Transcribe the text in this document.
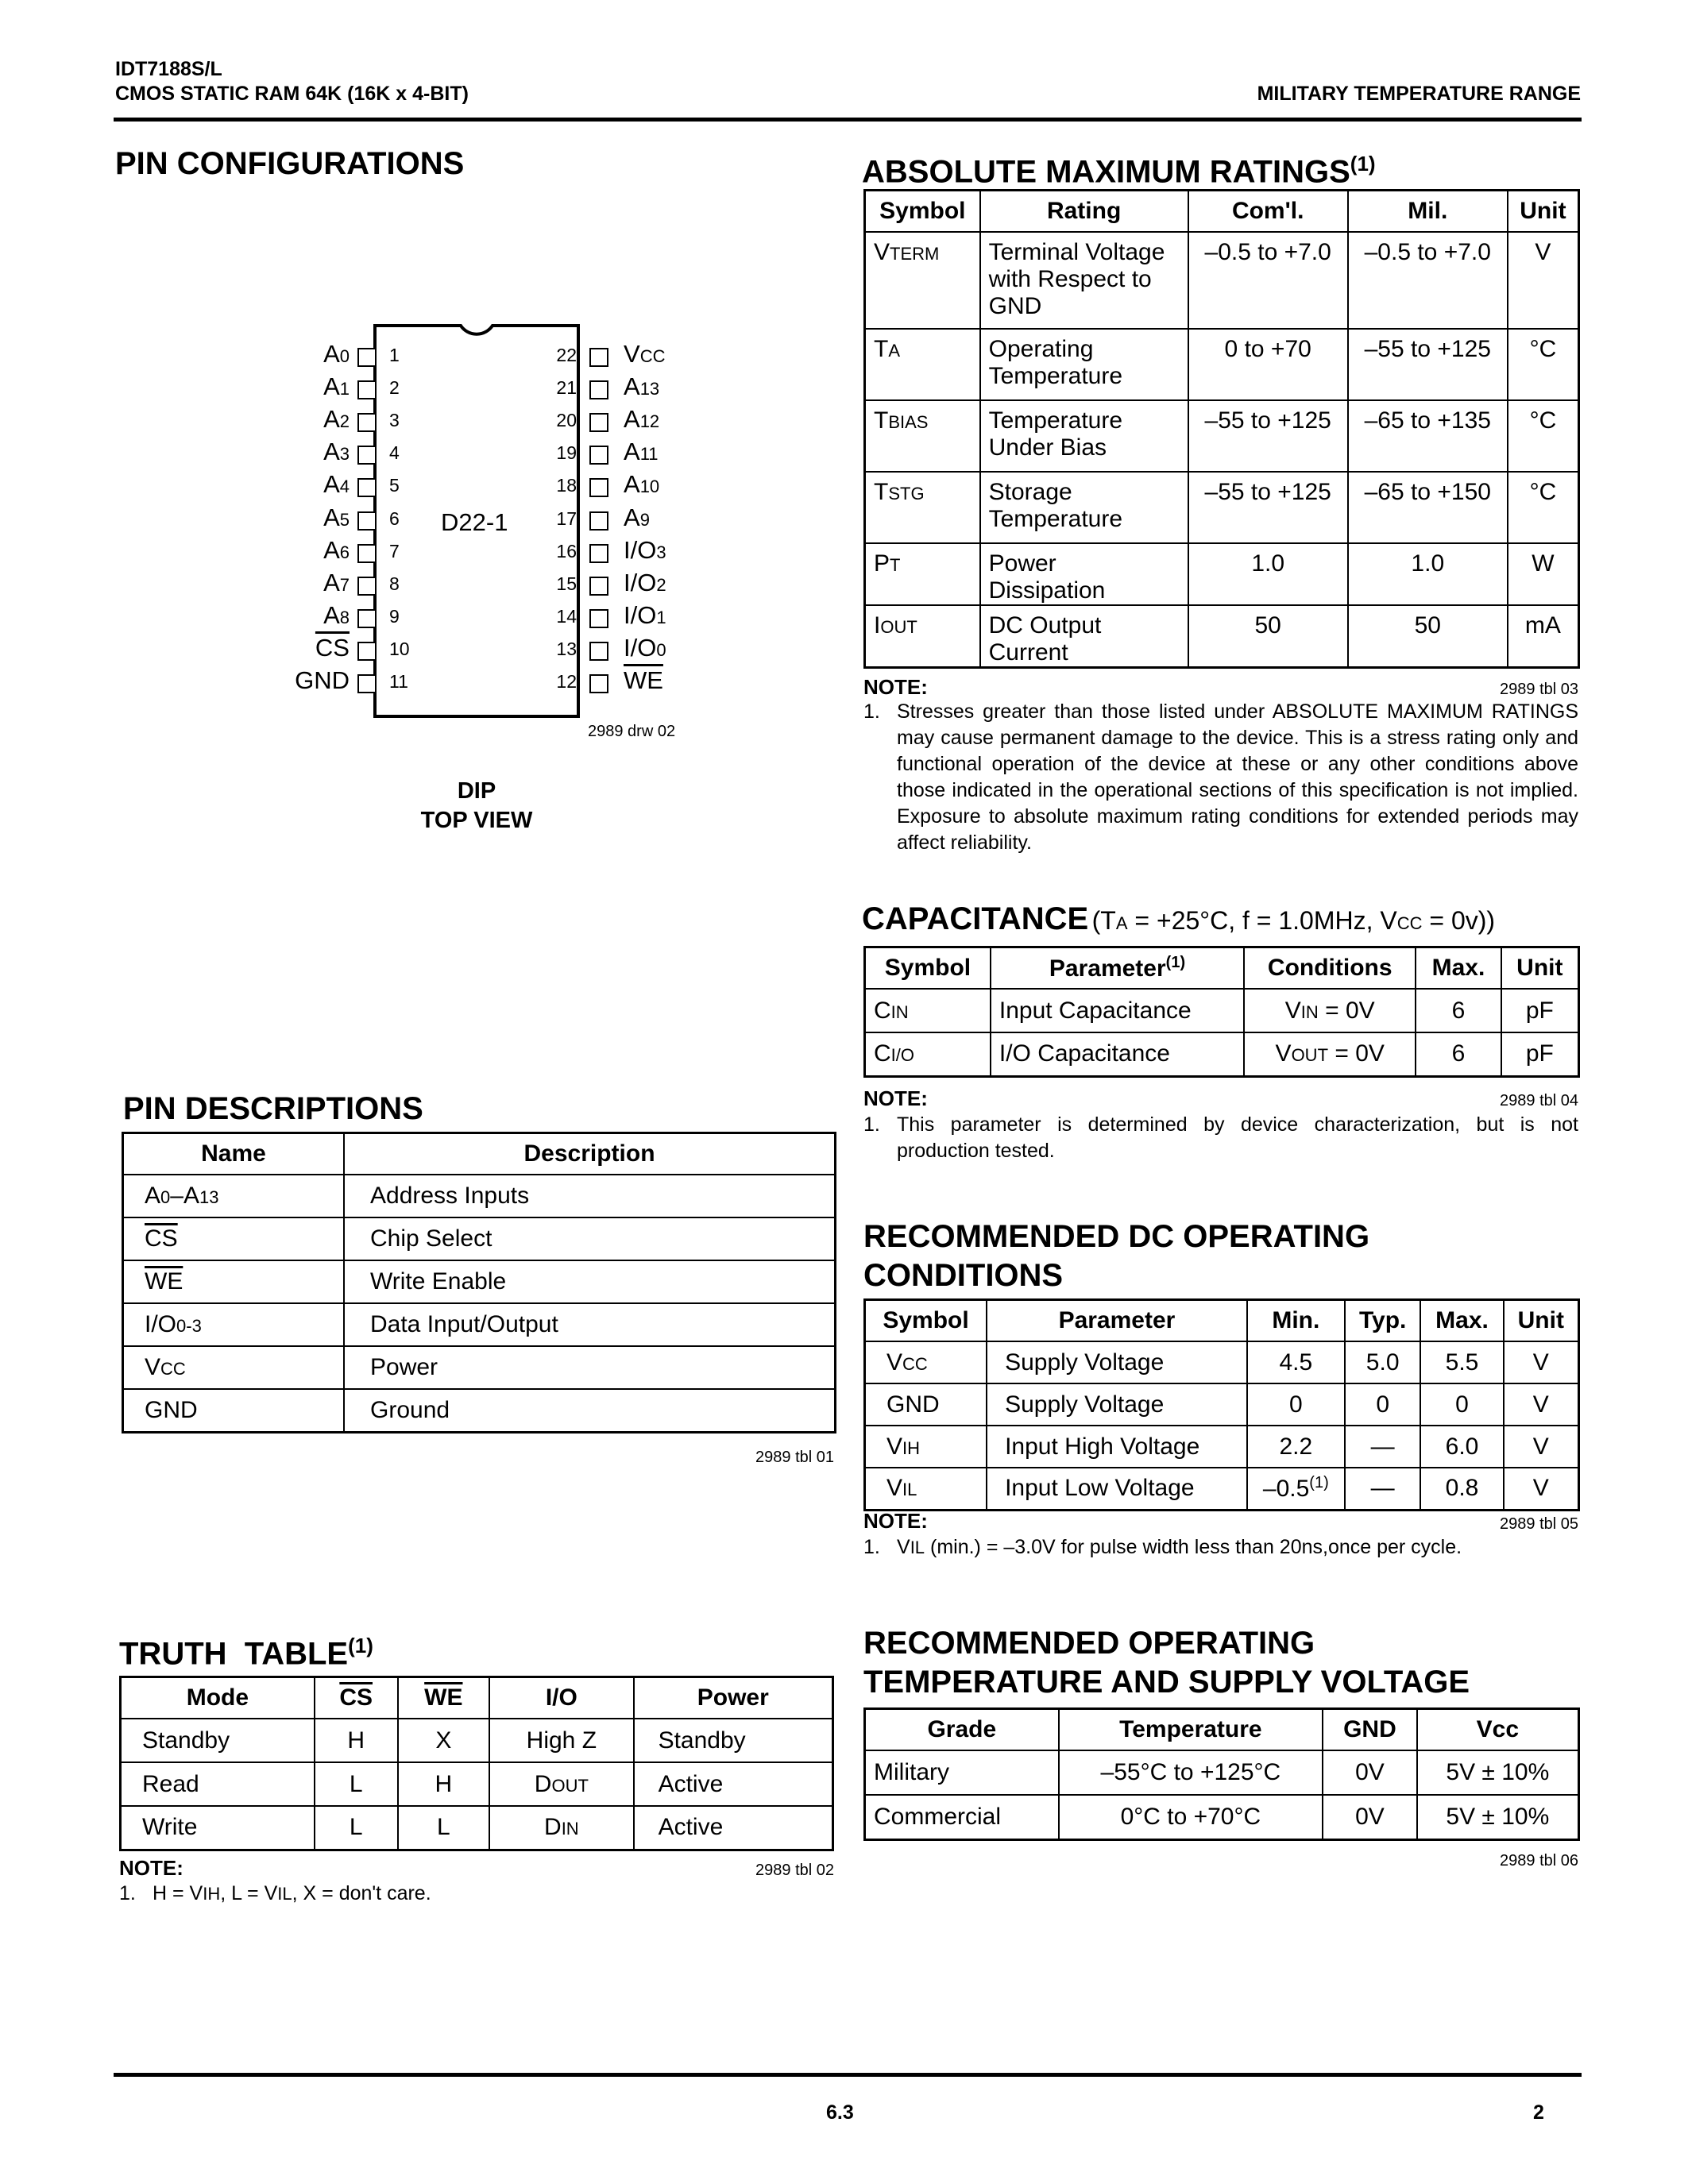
IDT7188S/L
CMOS STATIC RAM 64K (16K x 4-BIT)	MILITARY TEMPERATURE RANGE
PIN CONFIGURATIONS
D22-1
A0 1
A1 2
A2 3
A3 4
A4 5
A5 6
A6 7
A7 8
A8 9
$\overline{CS}$ 10
GND 11
22 VCC
21 A13
20 A12
19 A11
18 A10
17 A9
16 I/O3
15 I/O2
14 I/O1
13 I/O0
12 $\overline{WE}$
2989 drw 02
DIP
TOP VIEW
ABSOLUTE MAXIMUM RATINGS$^{(1)}$
Symbol	Rating	Com'l.	Mil.	Unit
VTERM	Terminal Voltage with Respect to GND	–0.5 to +7.0	–0.5 to +7.0	V
TA	Operating Temperature	0 to +70	–55 to +125	°C
TBIAS	Temperature Under Bias	–55 to +125	–65 to +135	°C
TSTG	Storage Temperature	–55 to +125	–65 to +150	°C
PT	Power Dissipation	1.0	1.0	W
IOUT	DC Output Current	50	50	mA
NOTE:	2989 tbl 03
1. Stresses greater than those listed under ABSOLUTE MAXIMUM RATINGS may cause permanent damage to the device. This is a stress rating only and functional operation of the device at these or any other conditions above those indicated in the operational sections of this specification is not implied. Exposure to absolute maximum rating conditions for extended periods may affect reliability.
CAPACITANCE (TA = +25°C, f = 1.0MHz, VCC = 0v))
Symbol	Parameter$^{(1)}$	Conditions	Max.	Unit
CIN	Input Capacitance	VIN = 0V	6	pF
CI/O	I/O Capacitance	VOUT = 0V	6	pF
NOTE:	2989 tbl 04
1. This parameter is determined by device characterization, but is not production tested.
PIN DESCRIPTIONS
Name	Description
A0–A13	Address Inputs
$\overline{CS}$	Chip Select
$\overline{WE}$	Write Enable
I/O0-3	Data Input/Output
VCC	Power
GND	Ground
2989 tbl 01
RECOMMENDED DC OPERATING
CONDITIONS
Symbol	Parameter	Min.	Typ.	Max.	Unit
VCC	Supply Voltage	4.5	5.0	5.5	V
GND	Supply Voltage	0	0	0	V
VIH	Input High Voltage	2.2	—	6.0	V
VIL	Input Low Voltage	–0.5$^{(1)}$	—	0.8	V
NOTE:	2989 tbl 05
1. VIL (min.) = –3.0V for pulse width less than 20ns,once per cycle.
TRUTH  TABLE$^{(1)}$
Mode	$\overline{CS}$	$\overline{WE}$	I/O	Power
Standby	H	X	High Z	Standby
Read	L	H	DOUT	Active
Write	L	L	DIN	Active
NOTE:	2989 tbl 02
1. H = VIH, L = VIL, X = don't care.
RECOMMENDED OPERATING
TEMPERATURE AND SUPPLY VOLTAGE
Grade	Temperature	GND	Vcc
Military	–55°C to +125°C	0V	5V ± 10%
Commercial	0°C to +70°C	0V	5V ± 10%
2989 tbl 06
6.3	2
